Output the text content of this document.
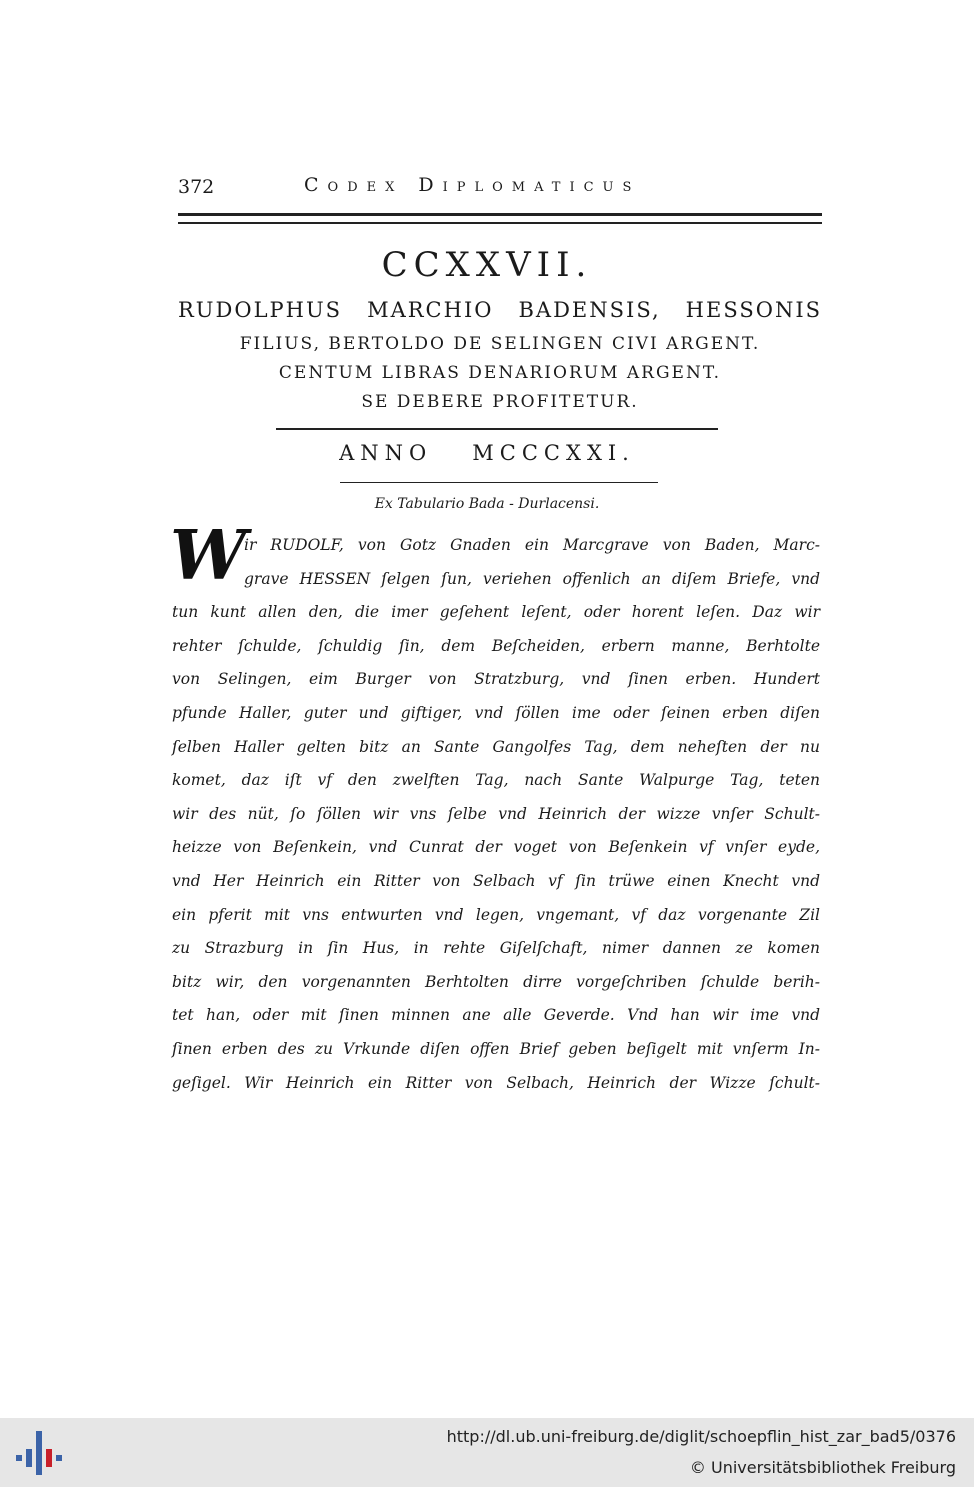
372	Codex Diplomaticus
CCXXVII.
RUDOLPHUS MARCHIO BADENSIS, HESSONIS
FILIUS, BERTOLDO DE SELINGEN CIVI ARGENT.
CENTUM LIBRAS DENARIORUM ARGENT.
SE DEBERE PROFITETUR.
ANNO MCCCXXI.
Ex Tabulario Bada - Durlacensi.
W
ir RUDOLF, von Gotz Gnaden ein Marcgrave von Baden, Marc-
grave HESSEN ſelgen ſun, veriehen offenlich an diſem Briefe, vnd
tun kunt allen den, die imer geſehent leſent, oder horent leſen. Daz wir
rehter ſchulde, ſchuldig ſin, dem Beſcheiden, erbern manne, Berhtolte
von Selingen, eim Burger von Stratzburg, vnd ſinen erben. Hundert
pfunde Haller, guter und giftiger, vnd ſöllen ime oder ſeinen erben diſen
ſelben Haller gelten bitz an Sante Gangolfes Tag, dem neheſten der nu
komet, daz iſt vf den zwelften Tag, nach Sante Walpurge Tag, teten
wir des nüt, ſo ſöllen wir vns ſelbe vnd Heinrich der wizze vnſer Schult-
heizze von Beſenkein, vnd Cunrat der voget von Beſenkein vf vnſer eyde,
vnd Her Heinrich ein Ritter von Selbach vf ſin trüwe einen Knecht vnd
ein pferit mit vns entwurten vnd legen, vngemant, vf daz vorgenante Zil
zu Strazburg in ſin Hus, in rehte Giſelſchaft, nimer dannen ze komen
bitz wir, den vorgenannten Berhtolten dirre vorgeſchriben ſchulde berih-
tet han, oder mit ſinen minnen ane alle Geverde. Vnd han wir ime vnd
ſinen erben des zu Vrkunde diſen offen Brief geben beſigelt mit vnſerm In-
geſigel. Wir Heinrich ein Ritter von Selbach, Heinrich der Wizze ſchult-
http://dl.ub.uni-freiburg.de/diglit/schoepflin_hist_zar_bad5/0376
© Universitätsbibliothek Freiburg
